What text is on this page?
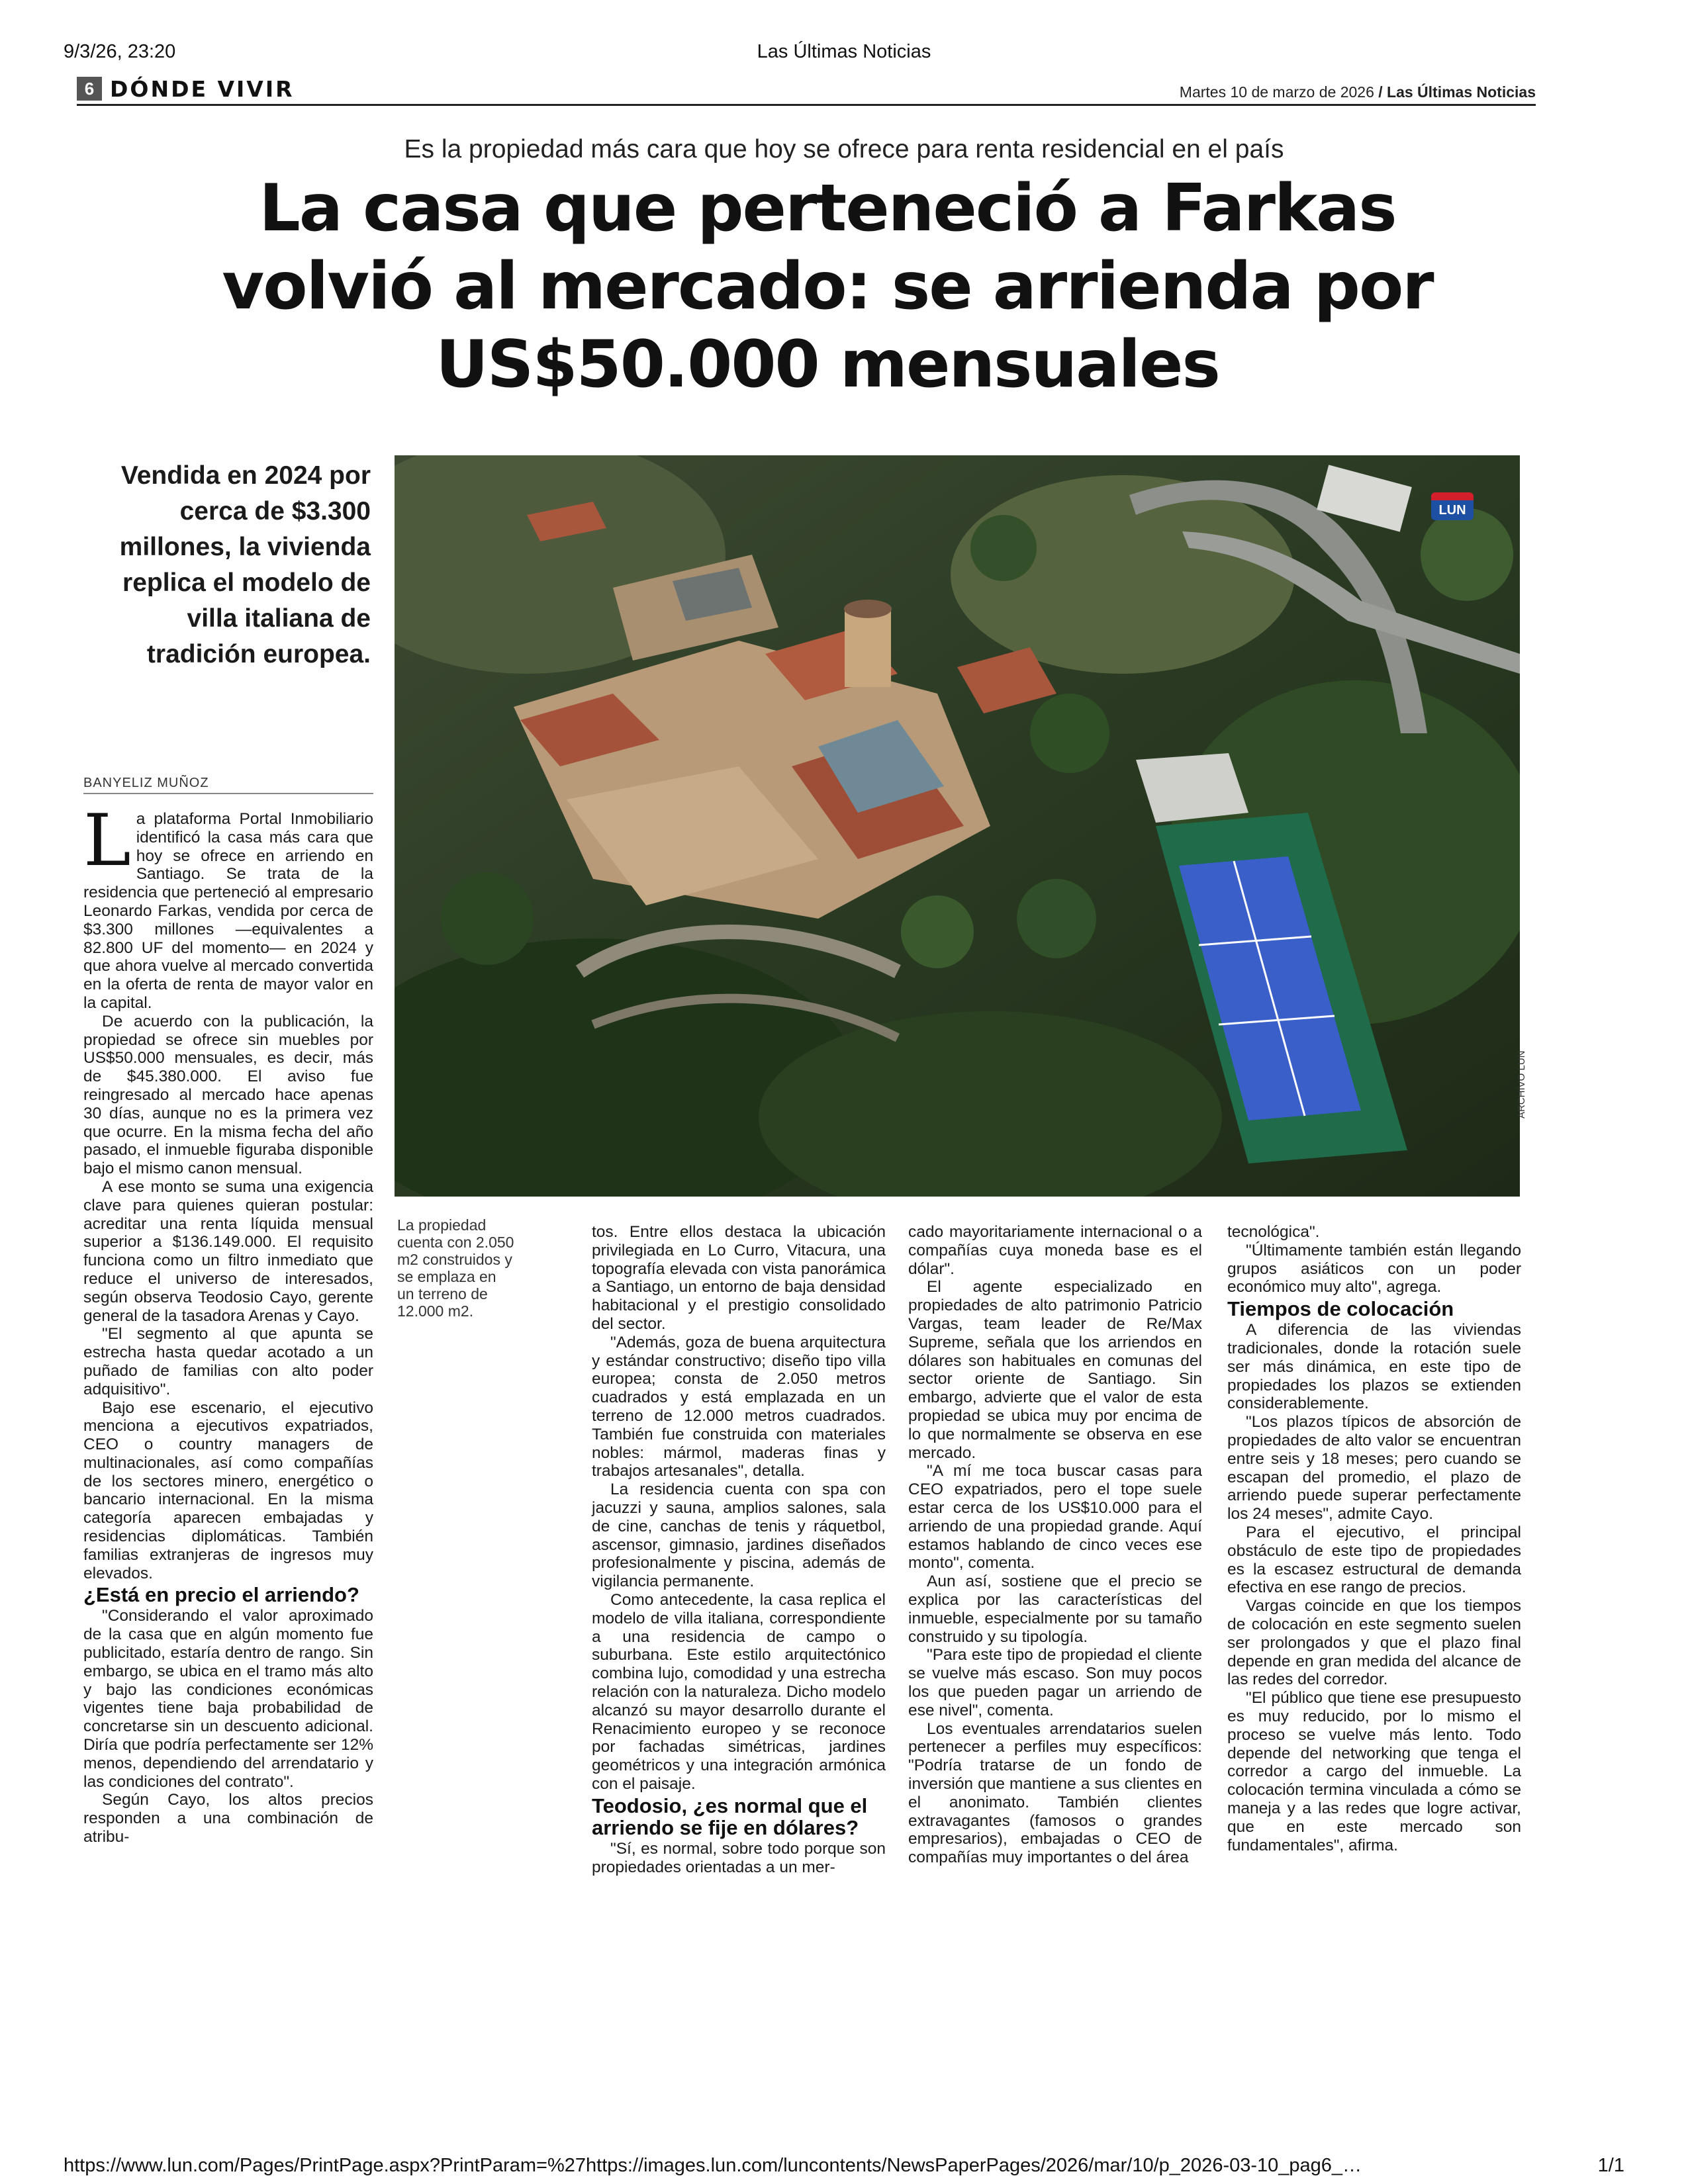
9/3/26, 23:20	Las Últimas Noticias
6 DÓNDE VIVIR	Martes 10 de marzo de 2026 / Las Últimas Noticias
Es la propiedad más cara que hoy se ofrece para renta residencial en el país
La casa que perteneció a Farkas volvió al mercado: se arrienda por US$50.000 mensuales
Vendida en 2024 por cerca de $3.300 millones, la vivienda replica el modelo de villa italiana de tradición europea.
LUN
ARCHIVO LUN
La propiedad cuenta con 2.050 m2 construidos y se emplaza en un terreno de 12.000 m2.
BANYELIZ MUÑOZ

La plataforma Portal Inmobiliario identificó la casa más cara que hoy se ofrece en arriendo en Santiago. Se trata de la residencia que perteneció al empresario Leonardo Farkas, vendida por cerca de $3.300 millones —equivalentes a 82.800 UF del momento— en 2024 y que ahora vuelve al mercado convertida en la oferta de renta de mayor valor en la capital.

De acuerdo con la publicación, la propiedad se ofrece sin muebles por US$50.000 mensuales, es decir, más de $45.380.000. El aviso fue reingresado al mercado hace apenas 30 días, aunque no es la primera vez que ocurre. En la misma fecha del año pasado, el inmueble figuraba disponible bajo el mismo canon mensual.

A ese monto se suma una exigencia clave para quienes quieran postular: acreditar una renta líquida mensual superior a $136.149.000. El requisito funciona como un filtro inmediato que reduce el universo de interesados, según observa Teodosio Cayo, gerente general de la tasadora Arenas y Cayo.

"El segmento al que apunta se estrecha hasta quedar acotado a un puñado de familias con alto poder adquisitivo".

Bajo ese escenario, el ejecutivo menciona a ejecutivos expatriados, CEO o country managers de multinacionales, así como compañías de los sectores minero, energético o bancario internacional. En la misma categoría aparecen embajadas y residencias diplomáticas. También familias extranjeras de ingresos muy elevados.

¿Está en precio el arriendo?

"Considerando el valor aproximado de la casa que en algún momento fue publicitado, estaría dentro de rango. Sin embargo, se ubica en el tramo más alto y bajo las condiciones económicas vigentes tiene baja probabilidad de concretarse sin un descuento adicional. Diría que podría perfectamente ser 12% menos, dependiendo del arrendatario y las condiciones del contrato".

Según Cayo, los altos precios responden a una combinación de atribu-

tos. Entre ellos destaca la ubicación privilegiada en Lo Curro, Vitacura, una topografía elevada con vista panorámica a Santiago, un entorno de baja densidad habitacional y el prestigio consolidado del sector.

"Además, goza de buena arquitectura y estándar constructivo; diseño tipo villa europea; consta de 2.050 metros cuadrados y está emplazada en un terreno de 12.000 metros cuadrados. También fue construida con materiales nobles: mármol, maderas finas y trabajos artesanales", detalla.

La residencia cuenta con spa con jacuzzi y sauna, amplios salones, sala de cine, canchas de tenis y ráquetbol, ascensor, gimnasio, jardines diseñados profesionalmente y piscina, además de vigilancia permanente.

Como antecedente, la casa replica el modelo de villa italiana, correspondiente a una residencia de campo o suburbana. Este estilo arquitectónico combina lujo, comodidad y una estrecha relación con la naturaleza. Dicho modelo alcanzó su mayor desarrollo durante el Renacimiento europeo y se reconoce por fachadas simétricas, jardines geométricos y una integración armónica con el paisaje.

Teodosio, ¿es normal que el arriendo se fije en dólares?

"Sí, es normal, sobre todo porque son propiedades orientadas a un mer-

cado mayoritariamente internacional o a compañías cuya moneda base es el dólar".

El agente especializado en propiedades de alto patrimonio Patricio Vargas, team leader de Re/Max Supreme, señala que los arriendos en dólares son habituales en comunas del sector oriente de Santiago. Sin embargo, advierte que el valor de esta propiedad se ubica muy por encima de lo que normalmente se observa en ese mercado.

"A mí me toca buscar casas para CEO expatriados, pero el tope suele estar cerca de los US$10.000 para el arriendo de una propiedad grande. Aquí estamos hablando de cinco veces ese monto", comenta.

Aun así, sostiene que el precio se explica por las características del inmueble, especialmente por su tamaño construido y su tipología.

"Para este tipo de propiedad el cliente se vuelve más escaso. Son muy pocos los que pueden pagar un arriendo de ese nivel", comenta.

Los eventuales arrendatarios suelen pertenecer a perfiles muy específicos: "Podría tratarse de un fondo de inversión que mantiene a sus clientes en el anonimato. También clientes extravagantes (famosos o grandes empresarios), embajadas o CEO de compañías muy importantes o del área

tecnológica".

"Últimamente también están llegando grupos asiáticos con un poder económico muy alto", agrega.

Tiempos de colocación

A diferencia de las viviendas tradicionales, donde la rotación suele ser más dinámica, en este tipo de propiedades los plazos se extienden considerablemente.

"Los plazos típicos de absorción de propiedades de alto valor se encuentran entre seis y 18 meses; pero cuando se escapan del promedio, el plazo de arriendo puede superar perfectamente los 24 meses", admite Cayo.

Para el ejecutivo, el principal obstáculo de este tipo de propiedades es la escasez estructural de demanda efectiva en ese rango de precios.

Vargas coincide en que los tiempos de colocación en este segmento suelen ser prolongados y que el plazo final depende en gran medida del alcance de las redes del corredor.

"El público que tiene ese presupuesto es muy reducido, por lo mismo el proceso se vuelve más lento. Todo depende del networking que tenga el corredor a cargo del inmueble. La colocación termina vinculada a cómo se maneja y a las redes que logre activar, que en este mercado son fundamentales", afirma.

https://www.lun.com/Pages/PrintPage.aspx?PrintParam=%27https://images.lun.com/luncontents/NewsPaperPages/2026/mar/10/p_2026-03-10_pag6_…	1/1
